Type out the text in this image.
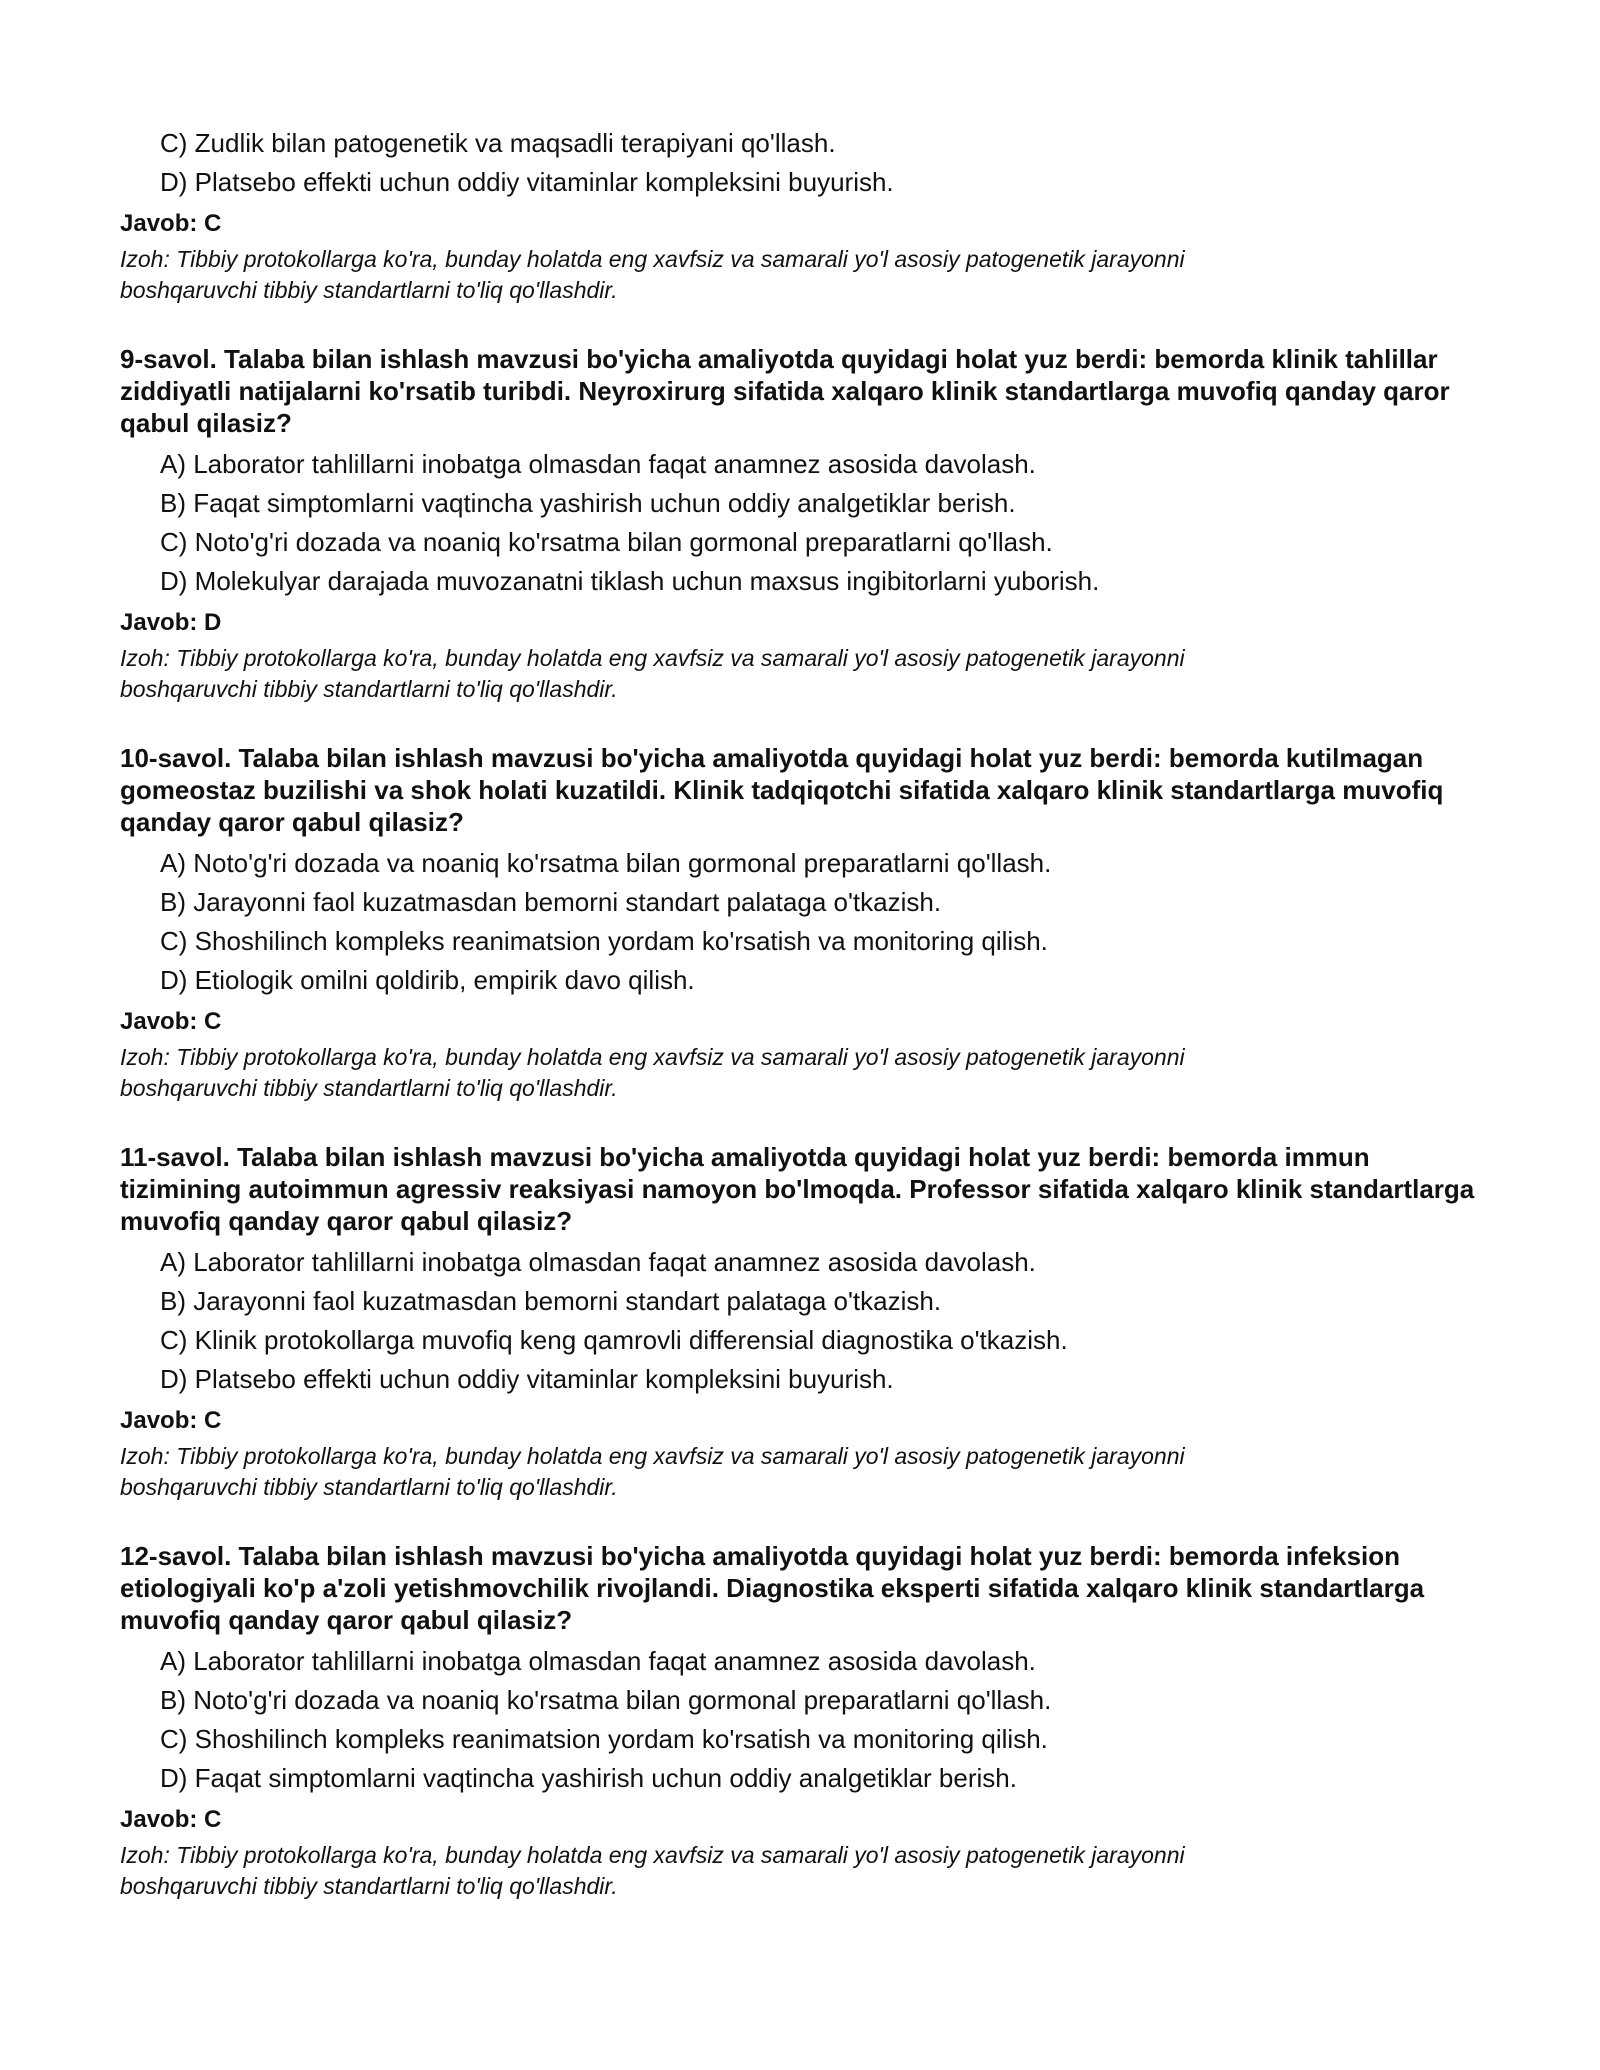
C) Zudlik bilan patogenetik va maqsadli terapiyani qo'llash.
D) Platsebo effekti uchun oddiy vitaminlar kompleksini buyurish.
Javob: C

Izoh: Tibbiy protokollarga ko'ra, bunday holatda eng xavfsiz va samarali yo'l asosiy patogenetik jarayonni
boshqaruvchi tibbiy standartlarni to'liq qo'llashdir.

9-savol. Talaba bilan ishlash mavzusi bo'yicha amaliyotda quyidagi holat yuz berdi: bemorda klinik tahlillar ziddiyatli natijalarni ko'rsatib turibdi. Neyroxirurg sifatida xalqaro klinik standartlarga muvofiq qanday qaror qabul qilasiz?

A) Laborator tahlillarni inobatga olmasdan faqat anamnez asosida davolash.
B) Faqat simptomlarni vaqtincha yashirish uchun oddiy analgetiklar berish.
C) Noto'g'ri dozada va noaniq ko'rsatma bilan gormonal preparatlarni qo'llash.
D) Molekulyar darajada muvozanatni tiklash uchun maxsus ingibitorlarni yuborish.
Javob: D

Izoh: Tibbiy protokollarga ko'ra, bunday holatda eng xavfsiz va samarali yo'l asosiy patogenetik jarayonni
boshqaruvchi tibbiy standartlarni to'liq qo'llashdir.

10-savol. Talaba bilan ishlash mavzusi bo'yicha amaliyotda quyidagi holat yuz berdi: bemorda kutilmagan gomeostaz buzilishi va shok holati kuzatildi. Klinik tadqiqotchi sifatida xalqaro klinik standartlarga muvofiq qanday qaror qabul qilasiz?

A) Noto'g'ri dozada va noaniq ko'rsatma bilan gormonal preparatlarni qo'llash.
B) Jarayonni faol kuzatmasdan bemorni standart palataga o'tkazish.
C) Shoshilinch kompleks reanimatsion yordam ko'rsatish va monitoring qilish.
D) Etiologik omilni qoldirib, empirik davo qilish.
Javob: C

Izoh: Tibbiy protokollarga ko'ra, bunday holatda eng xavfsiz va samarali yo'l asosiy patogenetik jarayonni
boshqaruvchi tibbiy standartlarni to'liq qo'llashdir.

11-savol. Talaba bilan ishlash mavzusi bo'yicha amaliyotda quyidagi holat yuz berdi: bemorda immun tizimining autoimmun agressiv reaksiyasi namoyon bo'lmoqda. Professor sifatida xalqaro klinik standartlarga muvofiq qanday qaror qabul qilasiz?

A) Laborator tahlillarni inobatga olmasdan faqat anamnez asosida davolash.
B) Jarayonni faol kuzatmasdan bemorni standart palataga o'tkazish.
C) Klinik protokollarga muvofiq keng qamrovli differensial diagnostika o'tkazish.
D) Platsebo effekti uchun oddiy vitaminlar kompleksini buyurish.
Javob: C

Izoh: Tibbiy protokollarga ko'ra, bunday holatda eng xavfsiz va samarali yo'l asosiy patogenetik jarayonni
boshqaruvchi tibbiy standartlarni to'liq qo'llashdir.

12-savol. Talaba bilan ishlash mavzusi bo'yicha amaliyotda quyidagi holat yuz berdi: bemorda infeksion etiologiyali ko'p a'zoli yetishmovchilik rivojlandi. Diagnostika eksperti sifatida xalqaro klinik standartlarga muvofiq qanday qaror qabul qilasiz?

A) Laborator tahlillarni inobatga olmasdan faqat anamnez asosida davolash.
B) Noto'g'ri dozada va noaniq ko'rsatma bilan gormonal preparatlarni qo'llash.
C) Shoshilinch kompleks reanimatsion yordam ko'rsatish va monitoring qilish.
D) Faqat simptomlarni vaqtincha yashirish uchun oddiy analgetiklar berish.
Javob: C

Izoh: Tibbiy protokollarga ko'ra, bunday holatda eng xavfsiz va samarali yo'l asosiy patogenetik jarayonni
boshqaruvchi tibbiy standartlarni to'liq qo'llashdir.
